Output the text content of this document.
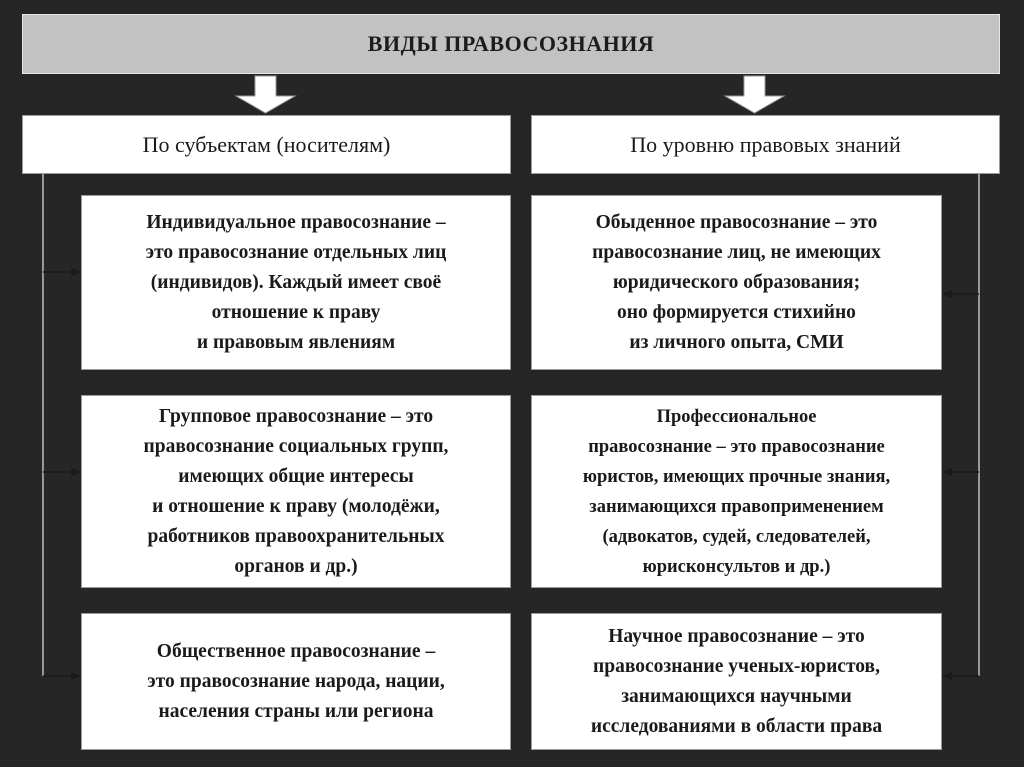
ВИДЫ ПРАВОСОЗНАНИЯ
По субъектам (носителям)	По уровню правовых знаний
Индивидуальное правосознание –
это правосознание отдельных лиц
(индивидов). Каждый имеет своё
отношение к праву
и правовым явлениям
Групповое правосознание – это
правосознание социальных групп,
имеющих общие интересы
и отношение к праву (молодёжи,
работников правоохранительных
органов и др.)
Общественное правосознание –
это правосознание народа, нации,
населения страны или региона
Обыденное правосознание – это
правосознание лиц, не имеющих
юридического образования;
оно формируется стихийно
из личного опыта, СМИ
Профессиональное
правосознание – это правосознание
юристов, имеющих прочные знания,
занимающихся правоприменением
(адвокатов, судей, следователей,
юрисконсультов и др.)
Научное правосознание – это
правосознание ученых-юристов,
занимающихся научными
исследованиями в области права
